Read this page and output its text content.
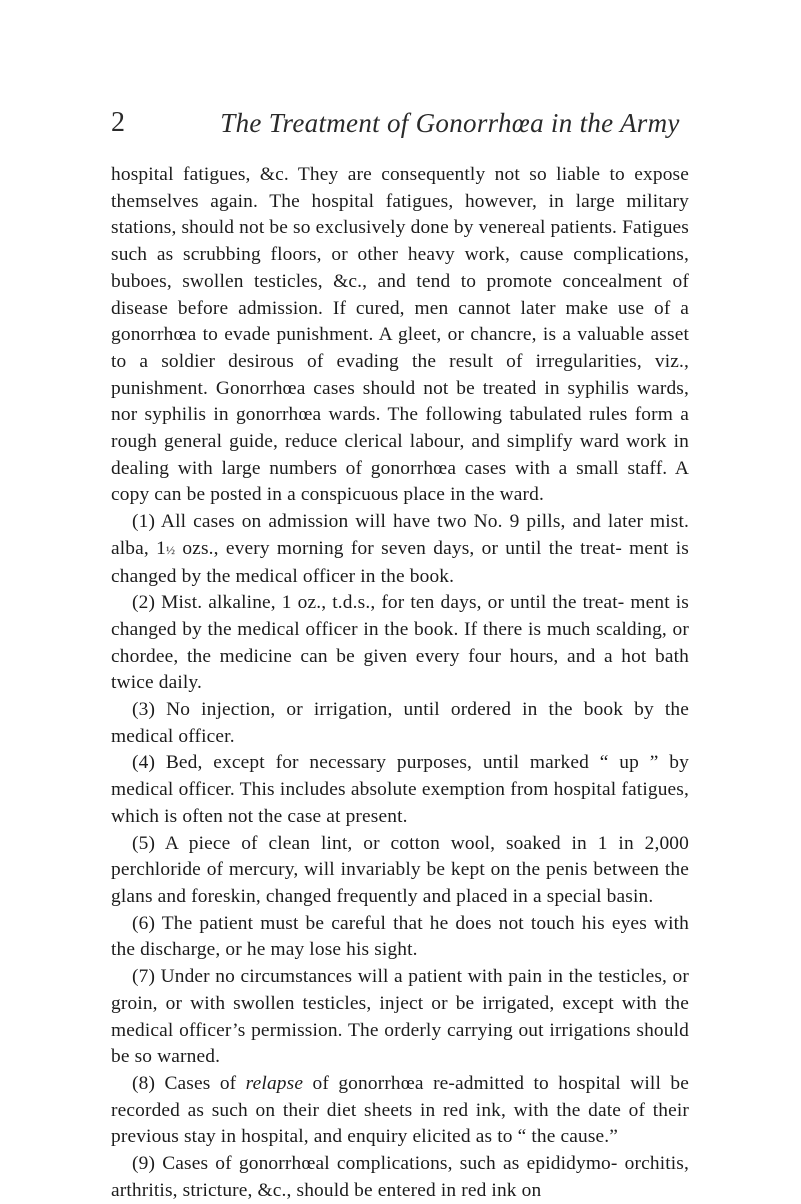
2	The Treatment of Gonorrhœa in the Army

hospital fatigues, &c. They are consequently not so liable to expose themselves again. The hospital fatigues, however, in large military stations, should not be so exclusively done by venereal patients. Fatigues such as scrubbing floors, or other heavy work, cause complications, buboes, swollen testicles, &c., and tend to promote concealment of disease before admission. If cured, men cannot later make use of a gonorrhœa to evade punishment. A gleet, or chancre, is a valuable asset to a soldier desirous of evading the result of irregularities, viz., punishment. Gonorrhœa cases should not be treated in syphilis wards, nor syphilis in gonorrhœa wards. The following tabulated rules form a rough general guide, reduce clerical labour, and simplify ward work in dealing with large numbers of gonorrhœa cases with a small staff. A copy can be posted in a conspicuous place in the ward.

(1) All cases on admission will have two No. 9 pills, and later mist. alba, 1½ ozs., every morning for seven days, or until the treat- ment is changed by the medical officer in the book.

(2) Mist. alkaline, 1 oz., t.d.s., for ten days, or until the treat- ment is changed by the medical officer in the book. If there is much scalding, or chordee, the medicine can be given every four hours, and a hot bath twice daily.

(3) No injection, or irrigation, until ordered in the book by the medical officer.

(4) Bed, except for necessary purposes, until marked “ up ” by medical officer. This includes absolute exemption from hospital fatigues, which is often not the case at present.

(5) A piece of clean lint, or cotton wool, soaked in 1 in 2,000 perchloride of mercury, will invariably be kept on the penis between the glans and foreskin, changed frequently and placed in a special basin.

(6) The patient must be careful that he does not touch his eyes with the discharge, or he may lose his sight.

(7) Under no circumstances will a patient with pain in the testicles, or groin, or with swollen testicles, inject or be irrigated, except with the medical officer’s permission. The orderly carrying out irrigations should be so warned.

(8) Cases of relapse of gonorrhœa re-admitted to hospital will be recorded as such on their diet sheets in red ink, with the date of their previous stay in hospital, and enquiry elicited as to “ the cause.”

(9) Cases of gonorrhœal complications, such as epididymo- orchitis, arthritis, stricture, &c., should be entered in red ink on
